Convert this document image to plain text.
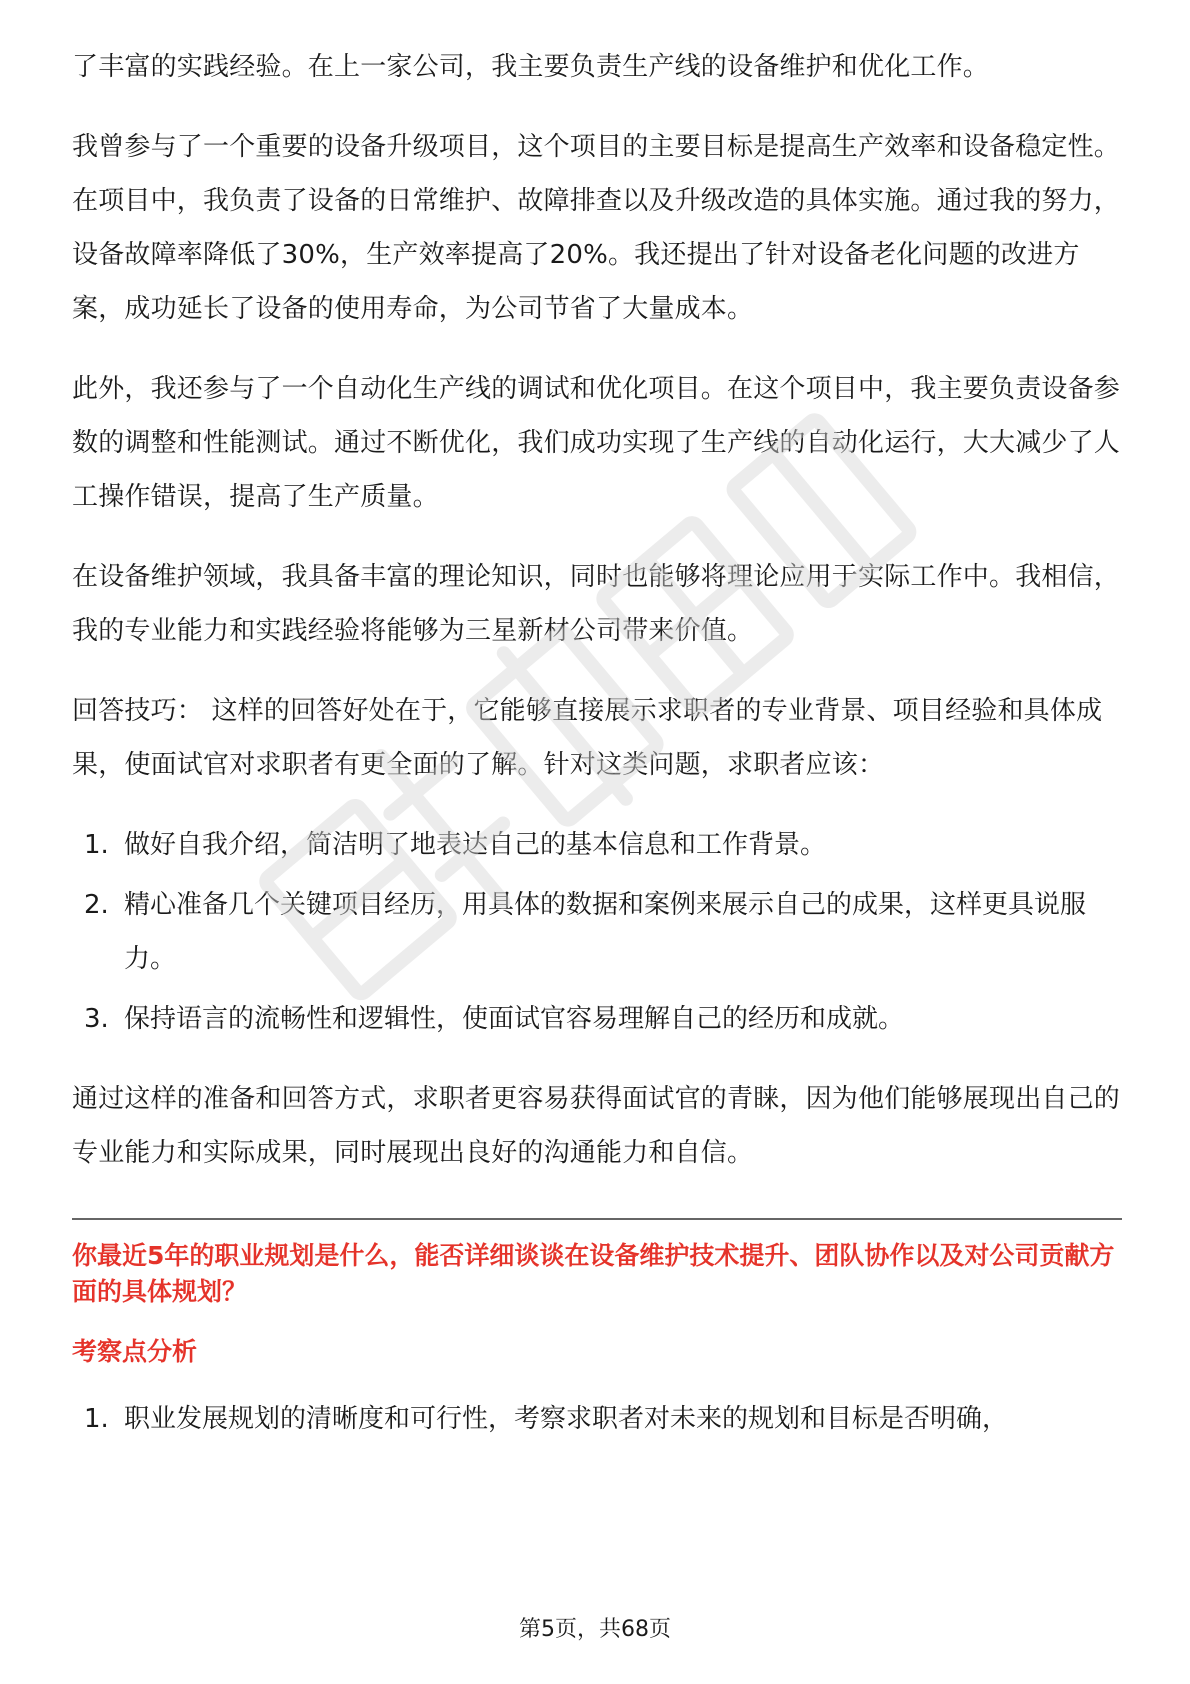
了丰富的实践经验。在上一家公司，我主要负责生产线的设备维护和优化工作。

我曾参与了一个重要的设备升级项目，这个项目的主要目标是提高生产效率和设备稳定性。在项目中，我负责了设备的日常维护、故障排查以及升级改造的具体实施。通过我的努力，设备故障率降低了30%，生产效率提高了20%。我还提出了针对设备老化问题的改进方案，成功延长了设备的使用寿命，为公司节省了大量成本。

此外，我还参与了一个自动化生产线的调试和优化项目。在这个项目中，我主要负责设备参数的调整和性能测试。通过不断优化，我们成功实现了生产线的自动化运行，大大减少了人工操作错误，提高了生产质量。

在设备维护领域，我具备丰富的理论知识，同时也能够将理论应用于实际工作中。我相信，我的专业能力和实践经验将能够为三星新材公司带来价值。

回答技巧： 这样的回答好处在于，它能够直接展示求职者的专业背景、项目经验和具体成果，使面试官对求职者有更全面的了解。针对这类问题，求职者应该：

1. 做好自我介绍，简洁明了地表达自己的基本信息和工作背景。
2. 精心准备几个关键项目经历，用具体的数据和案例来展示自己的成果，这样更具说服力。
3. 保持语言的流畅性和逻辑性，使面试官容易理解自己的经历和成就。

通过这样的准备和回答方式，求职者更容易获得面试官的青睐，因为他们能够展现出自己的专业能力和实际成果，同时展现出良好的沟通能力和自信。

你最近5年的职业规划是什么，能否详细谈谈在设备维护技术提升、团队协作以及对公司贡献方面的具体规划？
考察点分析
1. 职业发展规划的清晰度和可行性，考察求职者对未来的规划和目标是否明确，
第5页，共68页
